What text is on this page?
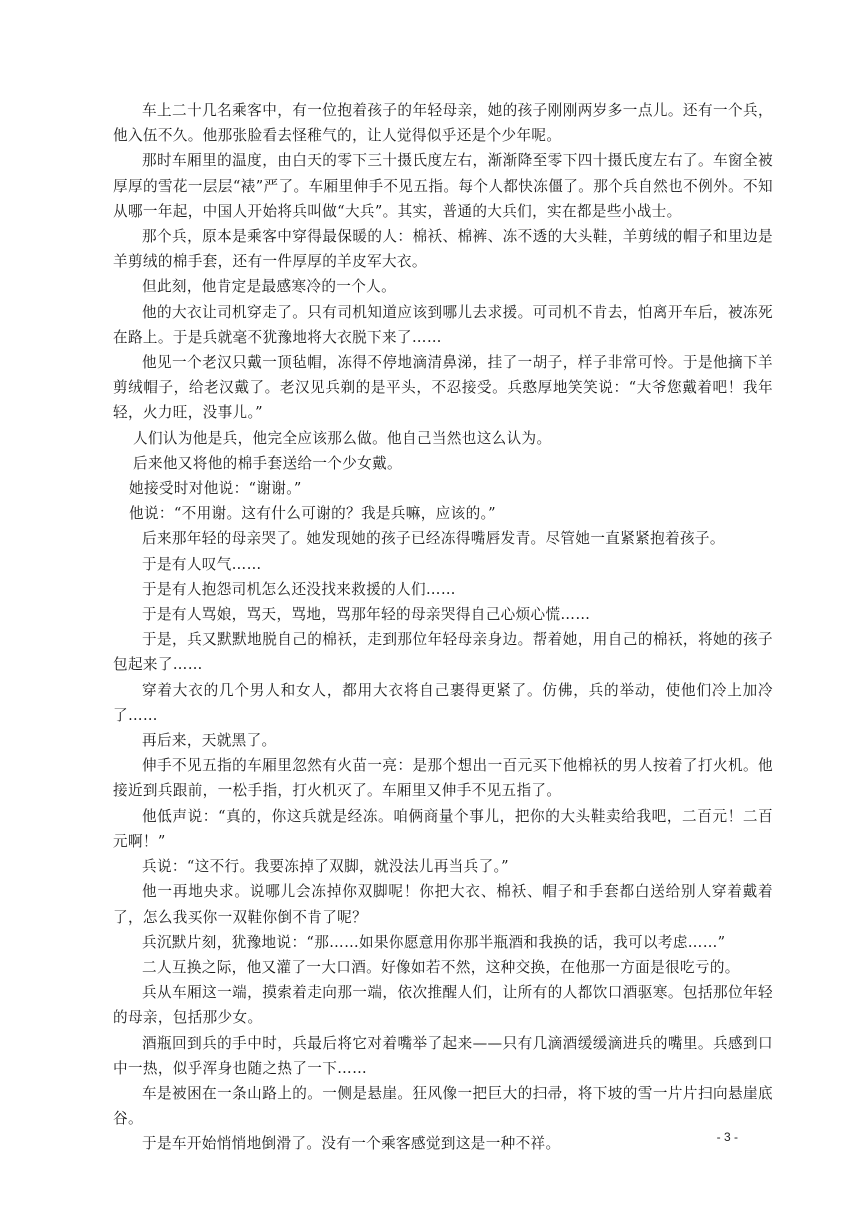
车上二十几名乘客中，有一位抱着孩子的年轻母亲，她的孩子刚刚两岁多一点儿。还有一个兵，他入伍不久。他那张脸看去怪稚气的，让人觉得似乎还是个少年呢。

那时车厢里的温度，由白天的零下三十摄氏度左右，渐渐降至零下四十摄氏度左右了。车窗全被厚厚的雪花一层层“裱”严了。车厢里伸手不见五指。每个人都快冻僵了。那个兵自然也不例外。不知从哪一年起，中国人开始将兵叫做“大兵”。其实，普通的大兵们，实在都是些小战士。

那个兵，原本是乘客中穿得最保暖的人：棉袄、棉裤、冻不透的大头鞋，羊剪绒的帽子和里边是羊剪绒的棉手套，还有一件厚厚的羊皮军大衣。

但此刻，他肯定是最感寒冷的一个人。

他的大衣让司机穿走了。只有司机知道应该到哪儿去求援。可司机不肯去，怕离开车后，被冻死在路上。于是兵就毫不犹豫地将大衣脱下来了……

他见一个老汉只戴一顶毡帽，冻得不停地滴清鼻涕，挂了一胡子，样子非常可怜。于是他摘下羊剪绒帽子，给老汉戴了。老汉见兵剃的是平头，不忍接受。兵憨厚地笑笑说：“大爷您戴着吧！我年轻，火力旺，没事儿。”

人们认为他是兵，他完全应该那么做。他自己当然也这么认为。

后来他又将他的棉手套送给一个少女戴。

她接受时对他说：“谢谢。”

他说：“不用谢。这有什么可谢的？我是兵嘛，应该的。”

后来那年轻的母亲哭了。她发现她的孩子已经冻得嘴唇发青。尽管她一直紧紧抱着孩子。

于是有人叹气……

于是有人抱怨司机怎么还没找来救援的人们……

于是有人骂娘，骂天，骂地，骂那年轻的母亲哭得自己心烦心慌……

于是，兵又默默地脱自己的棉袄，走到那位年轻母亲身边。帮着她，用自己的棉袄，将她的孩子包起来了……

穿着大衣的几个男人和女人，都用大衣将自己裹得更紧了。仿佛，兵的举动，使他们冷上加冷了……

再后来，天就黑了。

伸手不见五指的车厢里忽然有火苗一亮：是那个想出一百元买下他棉袄的男人按着了打火机。他接近到兵跟前，一松手指，打火机灭了。车厢里又伸手不见五指了。

他低声说：“真的，你这兵就是经冻。咱俩商量个事儿，把你的大头鞋卖给我吧，二百元！二百元啊！”

兵说：“这不行。我要冻掉了双脚，就没法儿再当兵了。”

他一再地央求。说哪儿会冻掉你双脚呢！你把大衣、棉袄、帽子和手套都白送给别人穿着戴着了，怎么我买你一双鞋你倒不肯了呢？

兵沉默片刻，犹豫地说：“那……如果你愿意用你那半瓶酒和我换的话，我可以考虑……”

二人互换之际，他又灌了一大口酒。好像如若不然，这种交换，在他那一方面是很吃亏的。

兵从车厢这一端，摸索着走向那一端，依次推醒人们，让所有的人都饮口酒驱寒。包括那位年轻的母亲，包括那少女。

酒瓶回到兵的手中时，兵最后将它对着嘴举了起来——只有几滴酒缓缓滴进兵的嘴里。兵感到口中一热，似乎浑身也随之热了一下……

车是被困在一条山路上的。一侧是悬崖。狂风像一把巨大的扫帚，将下坡的雪一片片扫向悬崖底谷。

于是车开始悄悄地倒滑了。没有一个乘客感觉到这是一种不祥。	- 3 -
